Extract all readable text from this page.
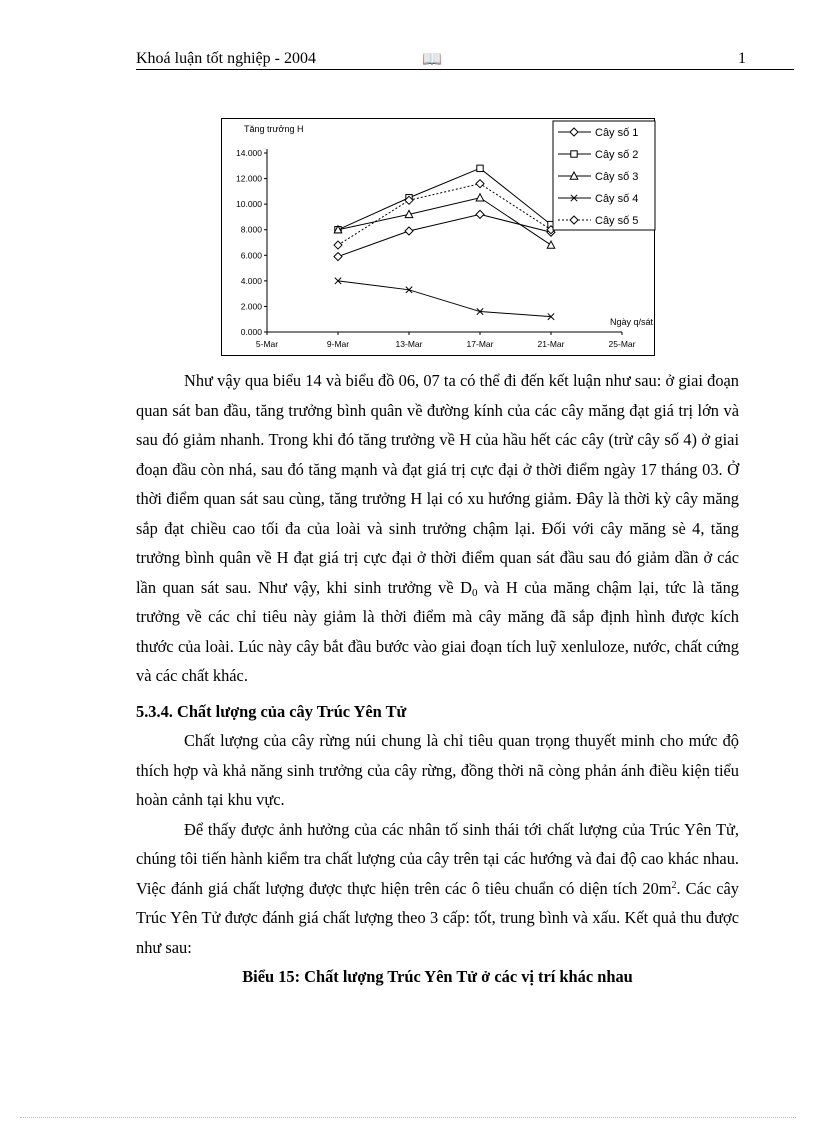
Khoá luận tốt nghiệp - 2004	📖	1
Tăng trưởng H
Ngày q/sát
0.000
2.000
4.000
6.000
8.000
10.000
12.000
14.000
5-Mar	9-Mar	13-Mar	17-Mar	21-Mar	25-Mar
Cây số 1
Cây số 2
Cây số 3
Cây số 4
Cây số 5

Như vậy qua biểu 14 và biểu đồ 06, 07 ta có thể đi đến kết luận như sau: ở giai đoạn quan sát ban đầu, tăng trưởng bình quân về đường kính của các cây măng đạt giá trị lớn và sau đó giảm nhanh. Trong khi đó tăng trưởng về H của hầu hết các cây (trừ cây số 4) ở giai đoạn đầu còn nhá, sau đó tăng mạnh và đạt giá trị cực đại ở thời điểm ngày 17 tháng 03. Ở thời điểm quan sát sau cùng, tăng trưởng H lại có xu hướng giảm. Đây là thời kỳ cây măng sắp đạt chiều cao tối đa của loài và sinh trưởng chậm lại. Đối với cây măng sè 4, tăng trưởng bình quân về H đạt giá trị cực đại ở thời điểm quan sát đầu sau đó giảm dần ở các lần quan sát sau. Như vậy, khi sinh trưởng về $D_0$ và H của măng chậm lại, tức là tăng trưởng về các chỉ tiêu này giảm là thời điểm mà cây măng đã sắp định hình được kích thước của loài. Lúc này cây bắt đầu bước vào giai đoạn tích luỹ xenluloze, nước, chất cứng và các chất khác.

5.3.4. Chất lượng của cây Trúc Yên Tử

Chất lượng của cây rừng núi chung là chỉ tiêu quan trọng thuyết minh cho mức độ thích hợp và khả năng sinh trưởng của cây rừng, đồng thời nã còng phản ánh điều kiện tiểu hoàn cảnh tại khu vực.

Để thấy được ảnh hưởng của các nhân tố sinh thái tới chất lượng của Trúc Yên Tử, chúng tôi tiến hành kiểm tra chất lượng của cây trên tại các hướng và đai độ cao khác nhau. Việc đánh giá chất lượng được thực hiện trên các ô tiêu chuẩn có diện tích $20m^2$. Các cây Trúc Yên Tử được đánh giá chất lượng theo 3 cấp: tốt, trung bình và xấu. Kết quả thu được như sau:

Biểu 15: Chất lượng Trúc Yên Tử ở các vị trí khác nhau
